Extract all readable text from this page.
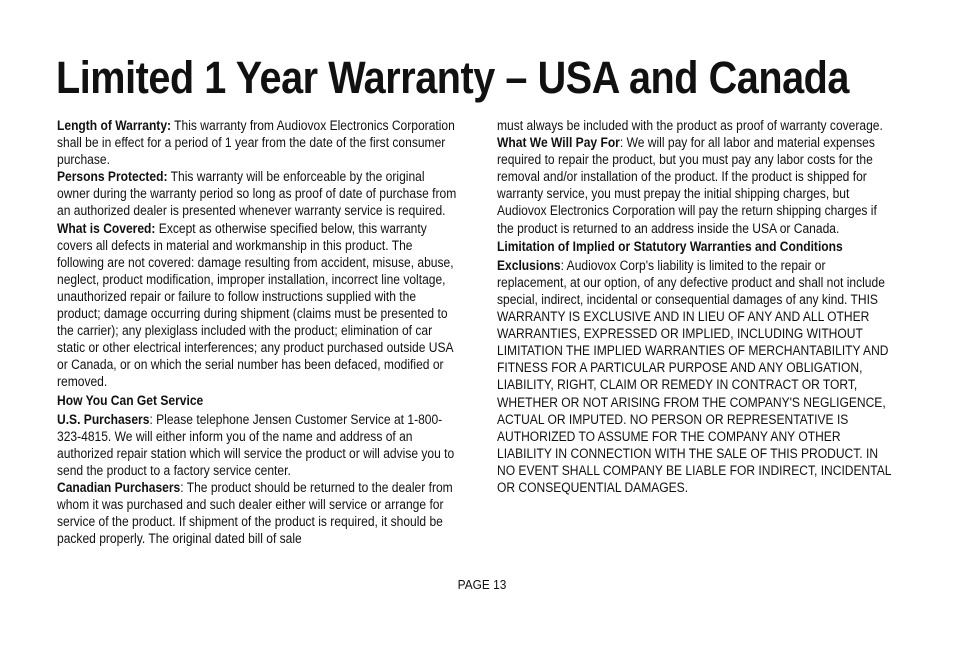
Limited 1 Year Warranty – USA and Canada

Length of Warranty: This warranty from Audiovox Electronics Corporation shall be in effect for a period of 1 year from the date of the first consumer purchase.

Persons Protected: This warranty will be enforceable by the original owner during the warranty period so long as proof of date of purchase from an authorized dealer is presented whenever warranty service is required.

What is Covered: Except as otherwise specified below, this warranty covers all defects in material and workmanship in this product. The following are not covered: damage resulting from accident, misuse, abuse, neglect, product modification, improper installation, incorrect line voltage, unauthorized repair or failure to follow instructions supplied with the product; damage occurring during shipment (claims must be presented to the carrier); any plexiglass included with the product; elimination of car static or other electrical interferences; any product purchased outside USA or Canada, or on which the serial number has been defaced, modified or removed.

How You Can Get Service

U.S. Purchasers: Please telephone Jensen Customer Service at 1-800-323-4815. We will either inform you of the name and address of an authorized repair station which will service the product or will advise you to send the product to a factory service center.

Canadian Purchasers: The product should be returned to the dealer from whom it was purchased and such dealer either will service or arrange for service of the product. If shipment of the product is required, it should be packed properly. The original dated bill of sale

must always be included with the product as proof of warranty coverage.

What We Will Pay For: We will pay for all labor and material expenses required to repair the product, but you must pay any labor costs for the removal and/or installation of the product. If the product is shipped for warranty service, you must prepay the initial shipping charges, but Audiovox Electronics Corporation will pay the return shipping charges if the product is returned to an address inside the USA or Canada.

Limitation of Implied or Statutory Warranties and Conditions

Exclusions: Audiovox Corp's liability is limited to the repair or replacement, at our option, of any defective product and shall not include special, indirect, incidental or consequential damages of any kind. THIS WARRANTY IS EXCLUSIVE AND IN LIEU OF ANY AND ALL OTHER WARRANTIES, EXPRESSED OR IMPLIED, INCLUDING WITHOUT LIMITATION THE IMPLIED WARRANTIES OF MERCHANTABILITY AND FITNESS FOR A PARTICULAR PURPOSE AND ANY OBLIGATION, LIABILITY, RIGHT, CLAIM OR REMEDY IN CONTRACT OR TORT, WHETHER OR NOT ARISING FROM THE COMPANY'S NEGLIGENCE, ACTUAL OR IMPUTED. NO PERSON OR REPRESENTATIVE IS AUTHORIZED TO ASSUME FOR THE COMPANY ANY OTHER LIABILITY IN CONNECTION WITH THE SALE OF THIS PRODUCT. IN NO EVENT SHALL COMPANY BE LIABLE FOR INDIRECT, INCIDENTAL OR CONSEQUENTIAL DAMAGES.

PAGE 13
